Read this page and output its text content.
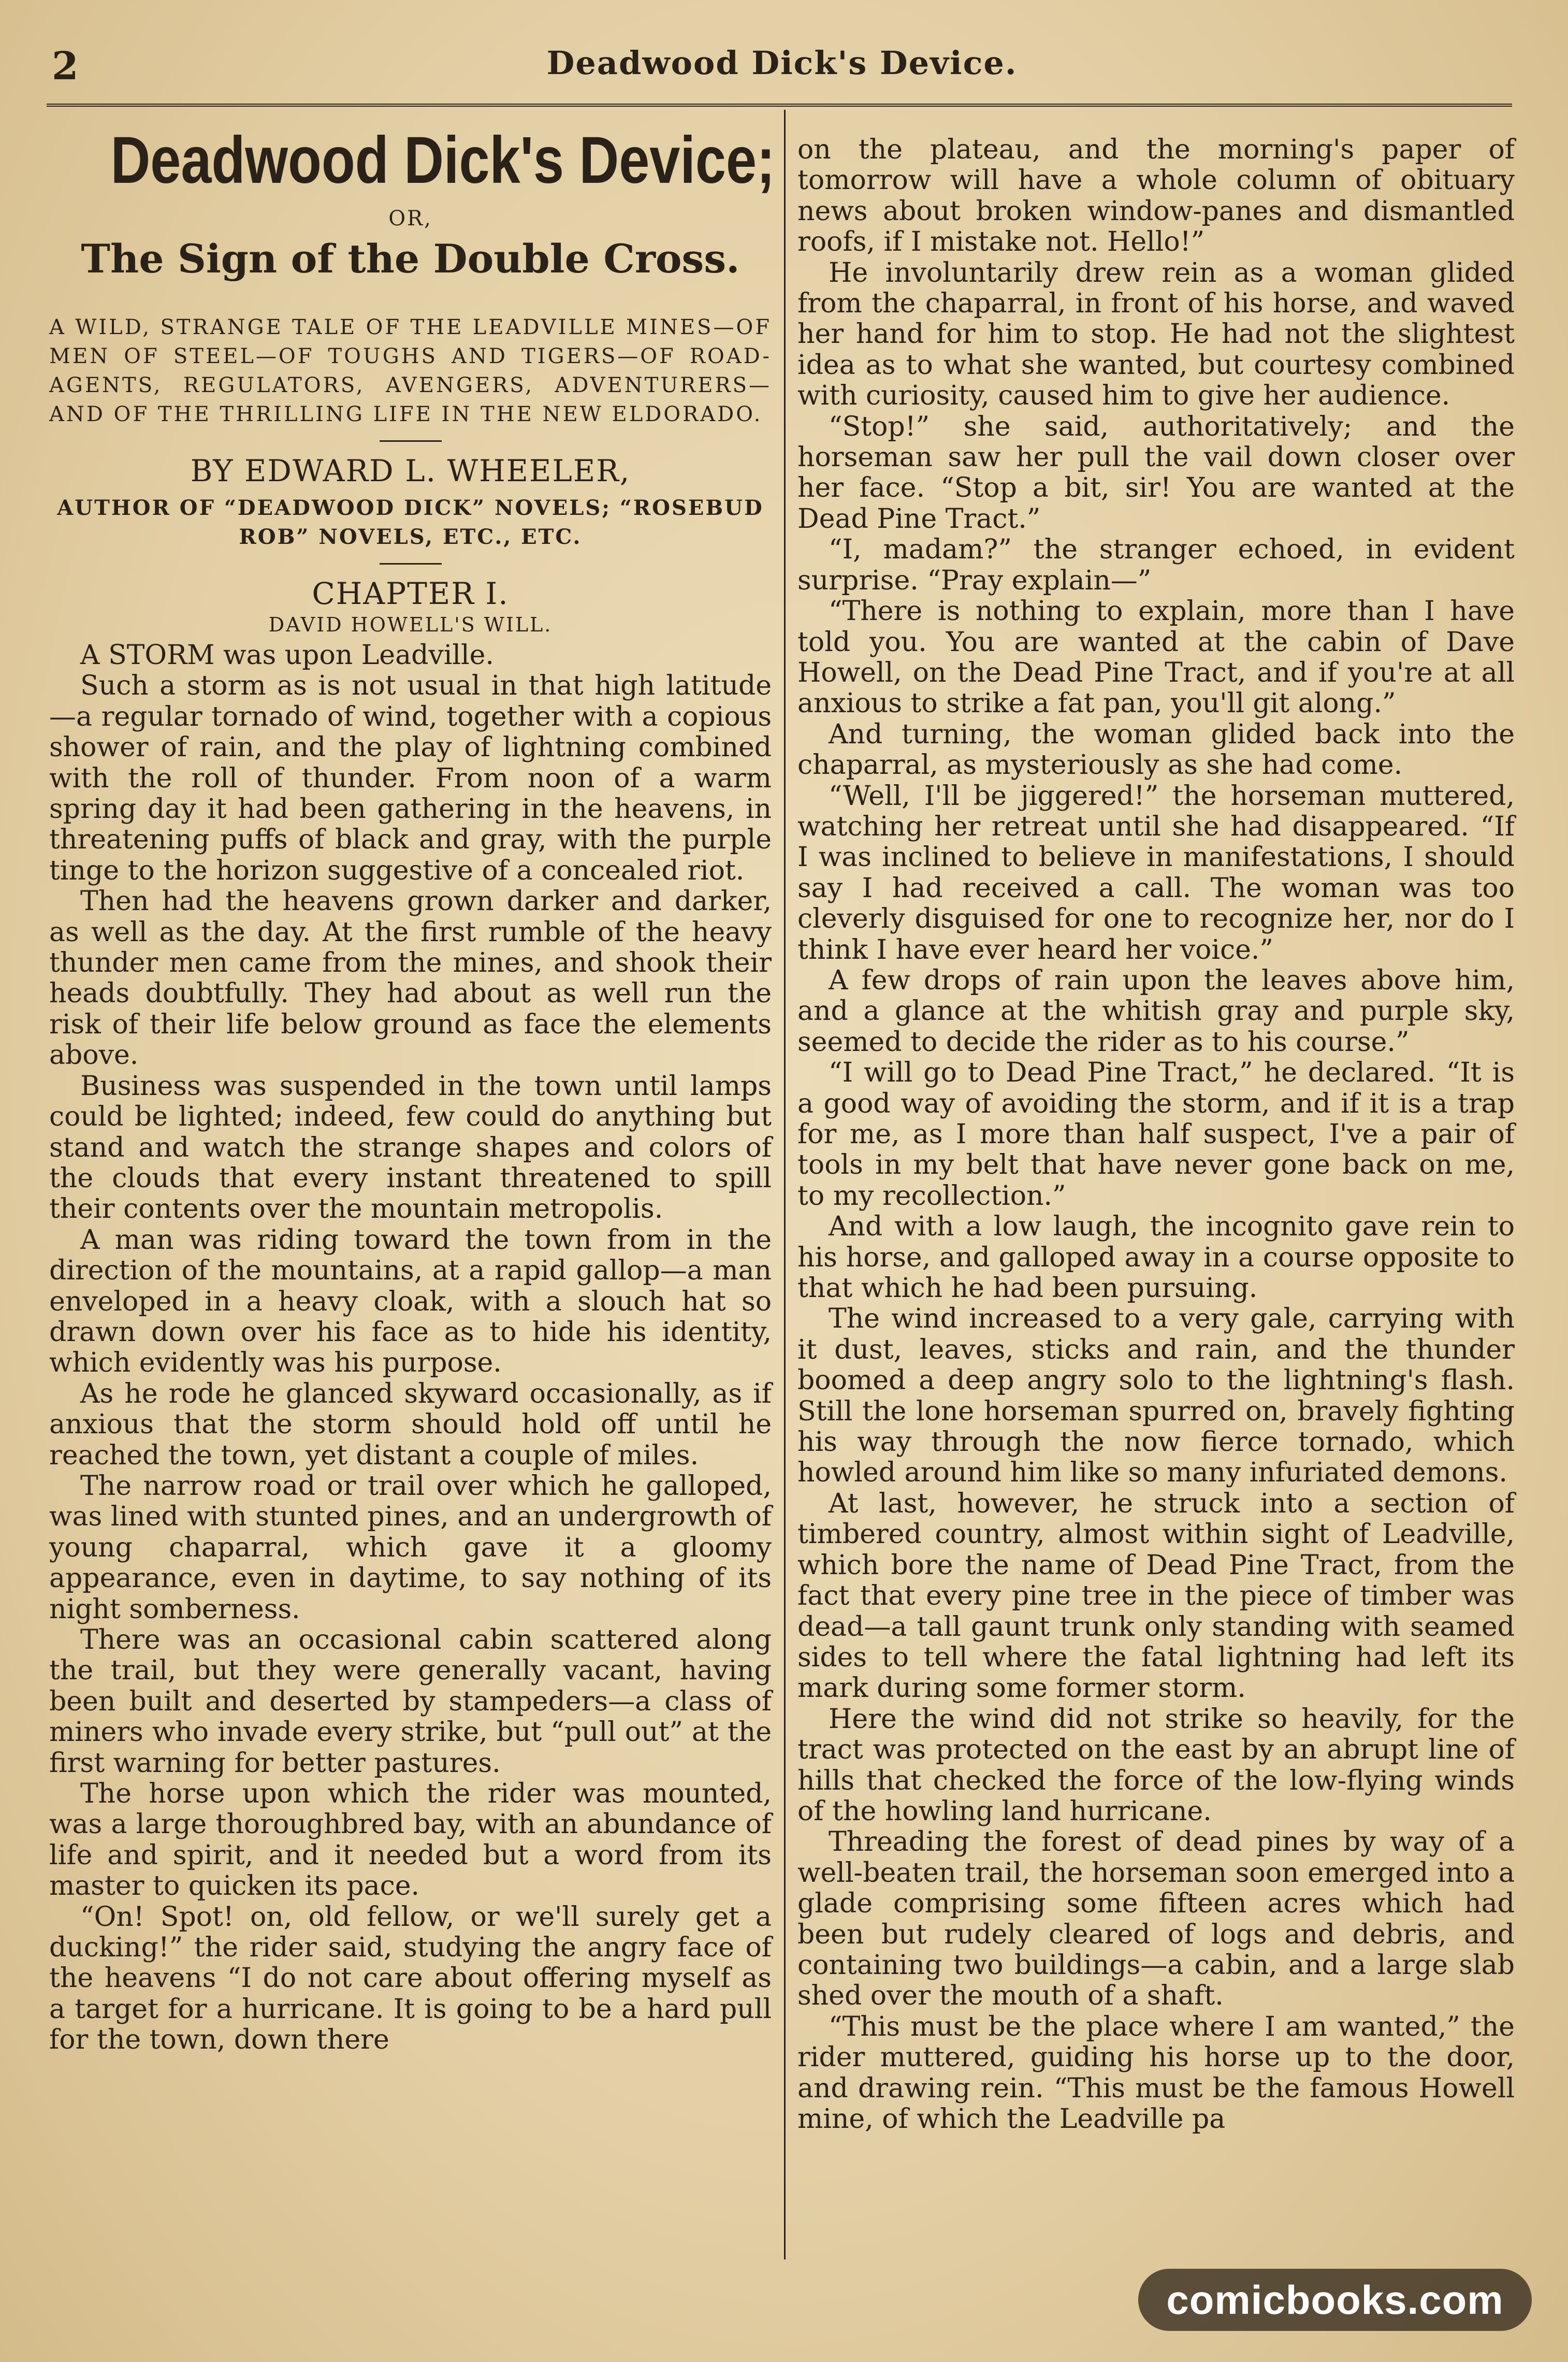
2	Deadwood Dick's Device.
Deadwood Dick's Device;
OR,
The Sign of the Double Cross.

A WILD, STRANGE TALE OF THE LEADVILLE MINES—OF MEN OF STEEL—OF TOUGHS AND TIGERS—OF ROAD-AGENTS, REGULATORS, AVENGERS, ADVENTURERS—AND OF THE THRILLING LIFE IN THE NEW ELDORADO.

BY EDWARD L. WHEELER,

AUTHOR OF “DEADWOOD DICK” NOVELS; “ROSEBUD ROB” NOVELS, ETC., ETC.

CHAPTER I.
DAVID HOWELL'S WILL.

A STORM was upon Leadville.

Such a storm as is not usual in that high latitude—a regular tornado of wind, together with a copious shower of rain, and the play of lightning combined with the roll of thunder. From noon of a warm spring day it had been gathering in the heavens, in threatening puffs of black and gray, with the purple tinge to the horizon suggestive of a concealed riot.

Then had the heavens grown darker and darker, as well as the day. At the first rumble of the heavy thunder men came from the mines, and shook their heads doubtfully. They had about as well run the risk of their life below ground as face the elements above.

Business was suspended in the town until lamps could be lighted; indeed, few could do anything but stand and watch the strange shapes and colors of the clouds that every instant threatened to spill their contents over the mountain metropolis.

A man was riding toward the town from in the direction of the mountains, at a rapid gallop—a man enveloped in a heavy cloak, with a slouch hat so drawn down over his face as to hide his identity, which evidently was his purpose.

As he rode he glanced skyward occasionally, as if anxious that the storm should hold off until he reached the town, yet distant a couple of miles.

The narrow road or trail over which he galloped, was lined with stunted pines, and an undergrowth of young chaparral, which gave it a gloomy appearance, even in daytime, to say nothing of its night somberness.

There was an occasional cabin scattered along the trail, but they were generally vacant, having been built and deserted by stampeders—a class of miners who invade every strike, but “pull out” at the first warning for better pastures.

The horse upon which the rider was mounted, was a large thoroughbred bay, with an abundance of life and spirit, and it needed but a word from its master to quicken its pace.

“On! Spot! on, old fellow, or we'll surely get a ducking!” the rider said, studying the angry face of the heavens “I do not care about offering myself as a target for a hurricane. It is going to be a hard pull for the town, down there

on the plateau, and the morning's paper of tomorrow will have a whole column of obituary news about broken window-panes and dismantled roofs, if I mistake not. Hello!”

He involuntarily drew rein as a woman glided from the chaparral, in front of his horse, and waved her hand for him to stop. He had not the slightest idea as to what she wanted, but courtesy combined with curiosity, caused him to give her audience.

“Stop!” she said, authoritatively; and the horseman saw her pull the vail down closer over her face. “Stop a bit, sir! You are wanted at the Dead Pine Tract.”

“I, madam?” the stranger echoed, in evident surprise. “Pray explain—”

“There is nothing to explain, more than I have told you. You are wanted at the cabin of Dave Howell, on the Dead Pine Tract, and if you're at all anxious to strike a fat pan, you'll git along.”

And turning, the woman glided back into the chaparral, as mysteriously as she had come.

“Well, I'll be jiggered!” the horseman muttered, watching her retreat until she had disappeared. “If I was inclined to believe in manifestations, I should say I had received a call. The woman was too cleverly disguised for one to recognize her, nor do I think I have ever heard her voice.”

A few drops of rain upon the leaves above him, and a glance at the whitish gray and purple sky, seemed to decide the rider as to his course.”

“I will go to Dead Pine Tract,” he declared. “It is a good way of avoiding the storm, and if it is a trap for me, as I more than half suspect, I've a pair of tools in my belt that have never gone back on me, to my recollection.”

And with a low laugh, the incognito gave rein to his horse, and galloped away in a course opposite to that which he had been pursuing.

The wind increased to a very gale, carrying with it dust, leaves, sticks and rain, and the thunder boomed a deep angry solo to the lightning's flash. Still the lone horseman spurred on, bravely fighting his way through the now fierce tornado, which howled around him like so many infuriated demons.

At last, however, he struck into a section of timbered country, almost within sight of Leadville, which bore the name of Dead Pine Tract, from the fact that every pine tree in the piece of timber was dead—a tall gaunt trunk only standing with seamed sides to tell where the fatal lightning had left its mark during some former storm.

Here the wind did not strike so heavily, for the tract was protected on the east by an abrupt line of hills that checked the force of the low-flying winds of the howling land hurricane.

Threading the forest of dead pines by way of a well-beaten trail, the horseman soon emerged into a glade comprising some fifteen acres which had been but rudely cleared of logs and debris, and containing two buildings—a cabin, and a large slab shed over the mouth of a shaft.

“This must be the place where I am wanted,” the rider muttered, guiding his horse up to the door, and drawing rein. “This must be the famous Howell mine, of which the Leadville pa

comicbooks.com
